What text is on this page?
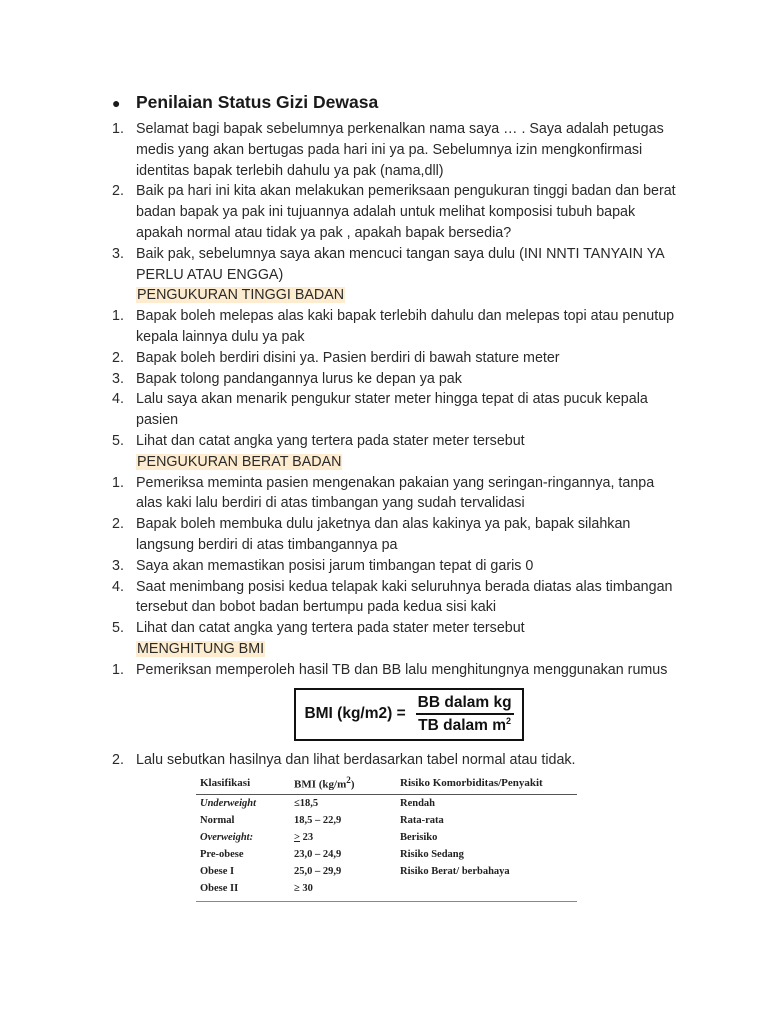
● Penilaian Status Gizi Dewasa
1. Selamat bagi bapak sebelumnya perkenalkan nama saya … . Saya adalah petugas medis yang akan bertugas pada hari ini ya pa. Sebelumnya izin mengkonfirmasi identitas bapak terlebih dahulu ya pak (nama,dll)
2. Baik pa hari ini kita akan melakukan pemeriksaan pengukuran tinggi badan dan berat badan bapak ya pak ini tujuannya adalah untuk melihat komposisi tubuh bapak apakah normal atau tidak ya pak , apakah bapak bersedia?
3. Baik pak, sebelumnya saya akan mencuci tangan saya dulu (INI NNTI TANYAIN YA PERLU ATAU ENGGA)
PENGUKURAN TINGGI BADAN
1. Bapak boleh melepas alas kaki bapak terlebih dahulu dan melepas topi atau penutup kepala lainnya dulu ya pak
2. Bapak boleh berdiri disini ya. Pasien berdiri di bawah stature meter
3. Bapak tolong pandangannya lurus ke depan ya pak
4. Lalu saya akan menarik pengukur stater meter hingga tepat di atas pucuk kepala pasien
5. Lihat dan catat angka yang tertera pada stater meter tersebut
PENGUKURAN BERAT BADAN
1. Pemeriksa meminta pasien mengenakan pakaian yang seringan-ringannya, tanpa alas kaki lalu berdiri di atas timbangan yang sudah tervalidasi
2. Bapak boleh membuka dulu jaketnya dan alas kakinya ya pak, bapak silahkan langsung berdiri di atas timbangannya pa
3. Saya akan memastikan posisi jarum timbangan tepat di garis 0
4. Saat menimbang posisi kedua telapak kaki seluruhnya berada diatas alas timbangan tersebut dan bobot badan bertumpu pada kedua sisi kaki
5. Lihat dan catat angka yang tertera pada stater meter tersebut
MENGHITUNG BMI
1. Pemeriksan memperoleh hasil TB dan BB lalu menghitungnya menggunakan rumus
BMI $(kg/m2) = \frac{\text{BB dalam kg}}{TB dalam m^2}$
2. Lalu sebutkan hasilnya dan lihat berdasarkan tabel normal atau tidak.
Klasifikasi	BMI $(kg/m^2)$	Risiko Komorbiditas/Penyakit
Underweight	≤18,5	Rendah
Normal	18,5 – 22,9	Rata-rata
Overweight:	> 23	Berisiko
Pre-obese	23,0 – 24,9	Risiko Sedang
Obese I	25,0 – 29,9	Risiko Berat/ berbahaya
Obese II	≥ 30	
